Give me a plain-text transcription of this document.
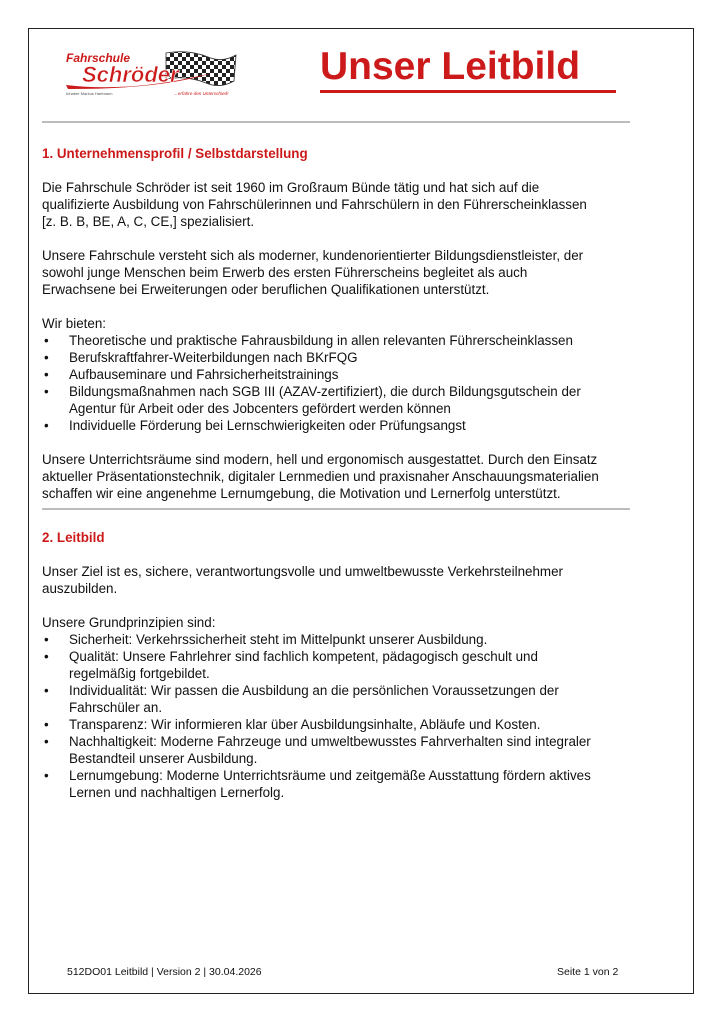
Fahrschule
Schröder
Inhaber Markus Hartmann	...erfahre den Unterschied!
Unser Leitbild
1. Unternehmensprofil / Selbstdarstellung

Die Fahrschule Schröder ist seit 1960 im Großraum Bünde tätig und hat sich auf die
qualifizierte Ausbildung von Fahrschülerinnen und Fahrschülern in den Führerscheinklassen
[z. B. B, BE, A, C, CE,] spezialisiert.

Unsere Fahrschule versteht sich als moderner, kundenorientierter Bildungsdienstleister, der
sowohl junge Menschen beim Erwerb des ersten Führerscheins begleitet als auch
Erwachsene bei Erweiterungen oder beruflichen Qualifikationen unterstützt.

Wir bieten:

• Theoretische und praktische Fahrausbildung in allen relevanten Führerscheinklassen
• Berufskraftfahrer-Weiterbildungen nach BKrFQG
• Aufbauseminare und Fahrsicherheitstrainings
• Bildungsmaßnahmen nach SGB III (AZAV-zertifiziert), die durch Bildungsgutschein der
Agentur für Arbeit oder des Jobcenters gefördert werden können
• Individuelle Förderung bei Lernschwierigkeiten oder Prüfungsangst

Unsere Unterrichtsräume sind modern, hell und ergonomisch ausgestattet. Durch den Einsatz
aktueller Präsentationstechnik, digitaler Lernmedien und praxisnaher Anschauungsmaterialien
schaffen wir eine angenehme Lernumgebung, die Motivation und Lernerfolg unterstützt.

2. Leitbild

Unser Ziel ist es, sichere, verantwortungsvolle und umweltbewusste Verkehrsteilnehmer
auszubilden.

Unsere Grundprinzipien sind:

• Sicherheit: Verkehrssicherheit steht im Mittelpunkt unserer Ausbildung.
• Qualität: Unsere Fahrlehrer sind fachlich kompetent, pädagogisch geschult und
regelmäßig fortgebildet.
• Individualität: Wir passen die Ausbildung an die persönlichen Voraussetzungen der
Fahrschüler an.
• Transparenz: Wir informieren klar über Ausbildungsinhalte, Abläufe und Kosten.
• Nachhaltigkeit: Moderne Fahrzeuge und umweltbewusstes Fahrverhalten sind integraler
Bestandteil unserer Ausbildung.
• Lernumgebung: Moderne Unterrichtsräume und zeitgemäße Ausstattung fördern aktives
Lernen und nachhaltigen Lernerfolg.
512DO01 Leitbild | Version 2 | 30.04.2026	Seite 1 von 2
